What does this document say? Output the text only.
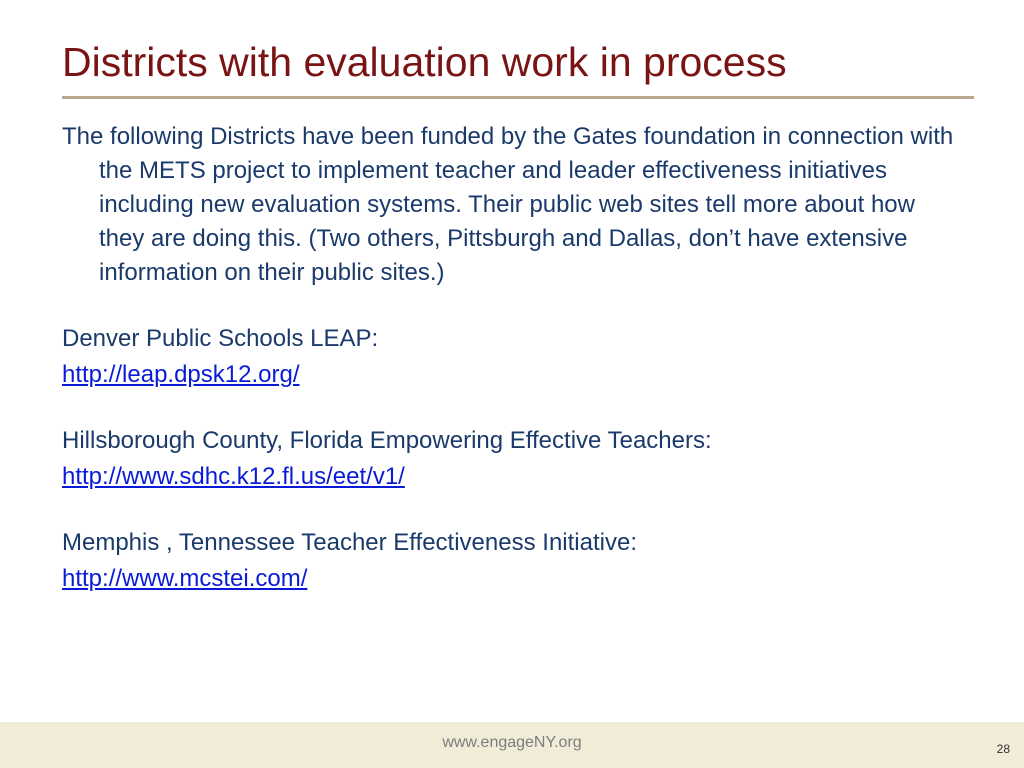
Districts with evaluation work in process

The following Districts have been funded by the Gates foundation in connection with the METS project to implement teacher and leader effectiveness initiatives including new evaluation systems. Their public web sites tell more about how they are doing this. (Two others, Pittsburgh and Dallas, don’t have extensive information on their public sites.)

Denver Public Schools LEAP:
http://leap.dpsk12.org/
Hillsborough County, Florida Empowering Effective Teachers:
http://www.sdhc.k12.fl.us/eet/v1/
Memphis , Tennessee Teacher Effectiveness Initiative:
http://www.mcstei.com/
www.engageNY.org	28
